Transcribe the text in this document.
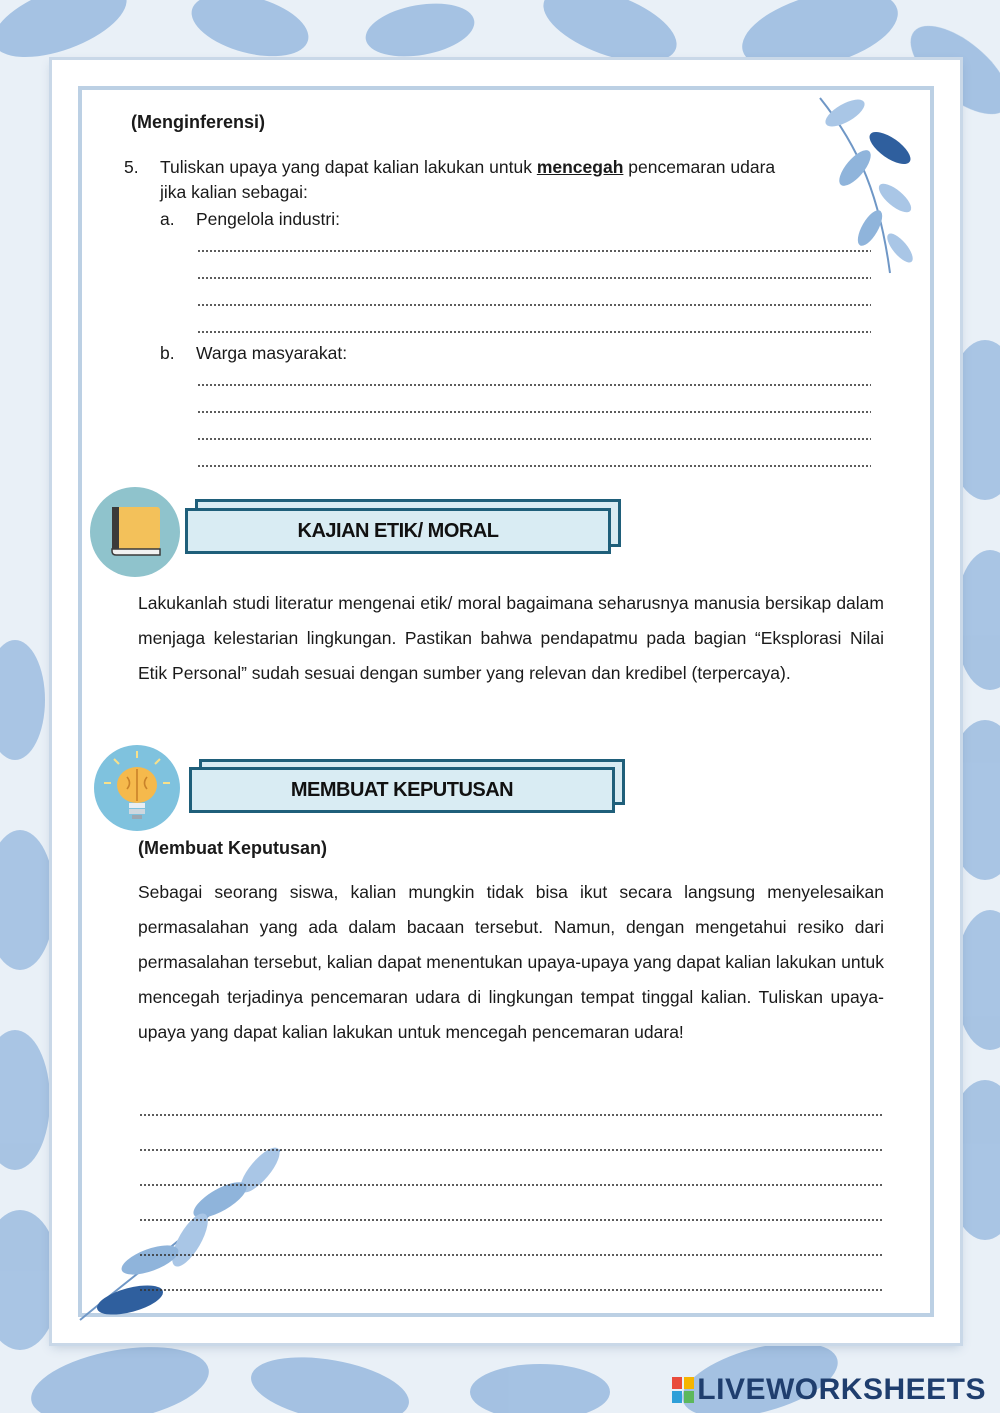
(Menginferensi)
5. Tuliskan upaya yang dapat kalian lakukan untuk mencegah pencemaran udara
jika kalian sebagai:
a. Pengelola industri:
b. Warga masyarakat:
KAJIAN ETIK/ MORAL
Lakukanlah studi literatur mengenai etik/ moral bagaimana seharusnya manusia bersikap dalam menjaga kelestarian lingkungan. Pastikan bahwa pendapatmu pada bagian “Eksplorasi Nilai Etik Personal” sudah sesuai dengan sumber yang relevan dan kredibel (terpercaya).
MEMBUAT KEPUTUSAN
(Membuat Keputusan)
Sebagai seorang siswa, kalian mungkin tidak bisa ikut secara langsung menyelesaikan permasalahan yang ada dalam bacaan tersebut. Namun, dengan mengetahui resiko dari permasalahan tersebut, kalian dapat menentukan upaya-upaya yang dapat kalian lakukan untuk mencegah terjadinya pencemaran udara di lingkungan tempat tinggal kalian. Tuliskan upaya-upaya yang dapat kalian lakukan untuk mencegah pencemaran udara!
LIVEWORKSHEETS
